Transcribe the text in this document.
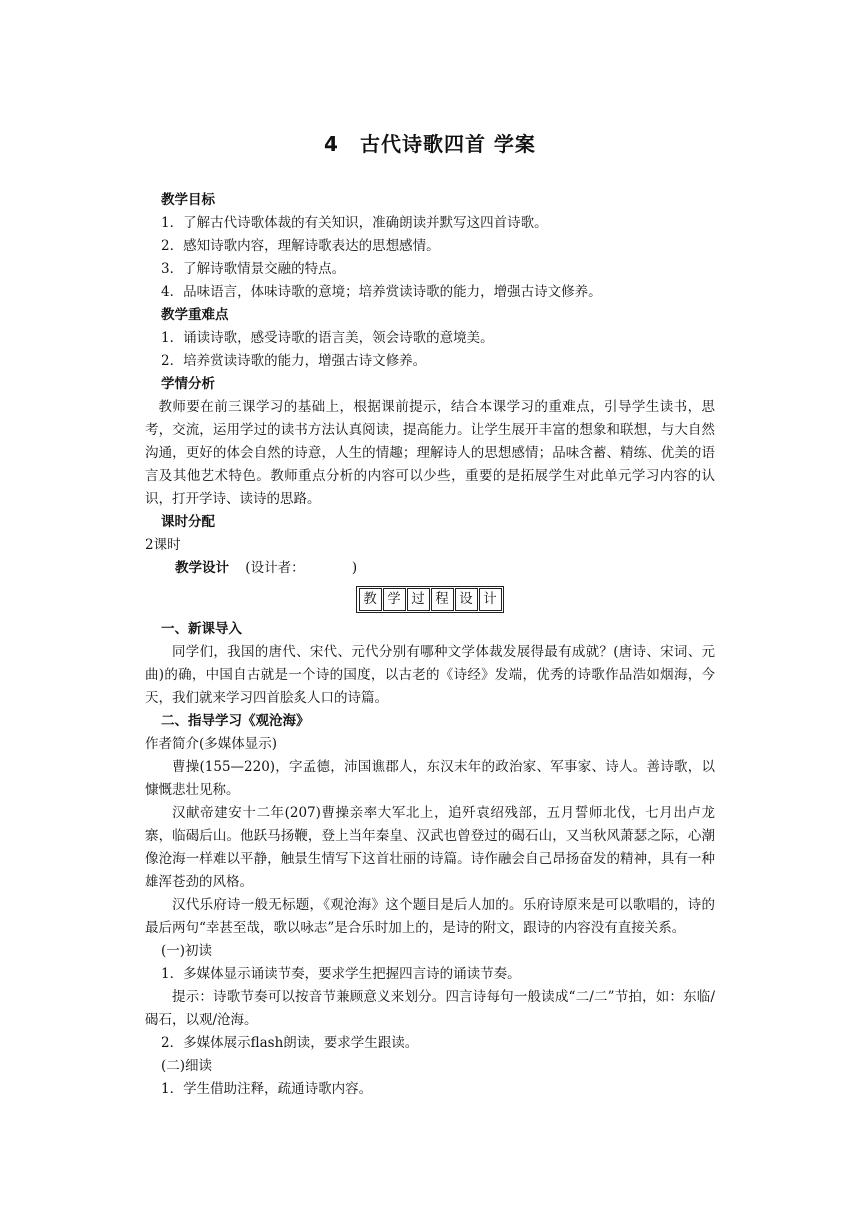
4　古代诗歌四首 学案
教学目标
1．了解古代诗歌体裁的有关知识，准确朗读并默写这四首诗歌。
2．感知诗歌内容，理解诗歌表达的思想感情。
3．了解诗歌情景交融的特点。
4．品味语言，体味诗歌的意境；培养赏读诗歌的能力，增强古诗文修养。
教学重难点
1．诵读诗歌，感受诗歌的语言美，领会诗歌的意境美。
2．培养赏读诗歌的能力，增强古诗文修养。
学情分析
教师要在前三课学习的基础上，根据课前提示，结合本课学习的重难点，引导学生读书，思考，交流，运用学过的读书方法认真阅读，提高能力。让学生展开丰富的想象和联想，与大自然沟通，更好的体会自然的诗意，人生的情趣；理解诗人的思想感情；品味含蓄、精练、优美的语言及其他艺术特色。教师重点分析的内容可以少些，重要的是拓展学生对此单元学习内容的认识，打开学诗、读诗的思路。
课时分配
2课时
教学设计 (设计者：　　　　)
教 学 过 程 设 计
一、新课导入
同学们，我国的唐代、宋代、元代分别有哪种文学体裁发展得最有成就？(唐诗、宋词、元曲)的确，中国自古就是一个诗的国度，以古老的《诗经》发端，优秀的诗歌作品浩如烟海，今天，我们就来学习四首脍炙人口的诗篇。
二、指导学习《观沧海》
作者简介(多媒体显示)
曹操(155—220)，字孟德，沛国谯郡人，东汉末年的政治家、军事家、诗人。善诗歌，以慷慨悲壮见称。
汉献帝建安十二年(207)曹操亲率大军北上，追歼袁绍残部，五月誓师北伐，七月出卢龙寨，临碣后山。他跃马扬鞭，登上当年秦皇、汉武也曾登过的碣石山，又当秋风萧瑟之际，心潮像沧海一样难以平静，触景生情写下这首壮丽的诗篇。诗作融会自己昂扬奋发的精神，具有一种雄浑苍劲的风格。
汉代乐府诗一般无标题，《观沧海》这个题目是后人加的。乐府诗原来是可以歌唱的，诗的最后两句“幸甚至哉，歌以咏志”是合乐时加上的，是诗的附文，跟诗的内容没有直接关系。
(一)初读
1．多媒体显示诵读节奏，要求学生把握四言诗的诵读节奏。
提示：诗歌节奏可以按音节兼顾意义来划分。四言诗每句一般读成“二/二”节拍，如：东临/碣石，以观/沧海。
2．多媒体展示flash朗读，要求学生跟读。
(二)细读
1．学生借助注释，疏通诗歌内容。
